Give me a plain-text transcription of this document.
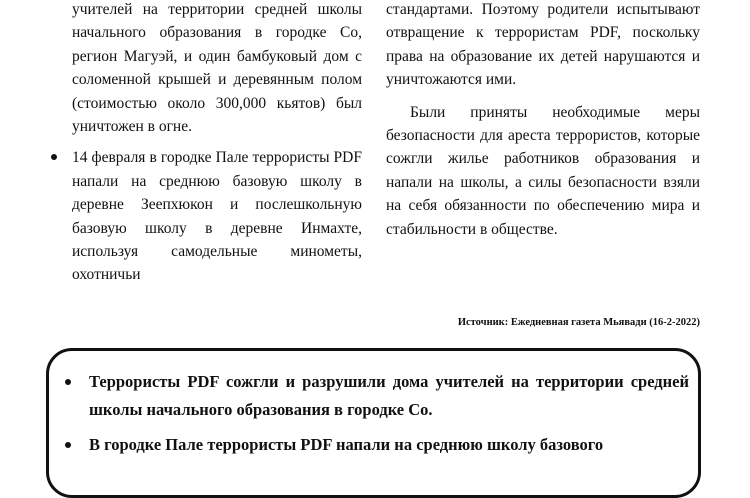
учителей на территории средней школы начального образования в городке Со, регион Магуэй, и один бамбуковый дом с соломенной крышей и деревянным полом (стоимостью около 300,000 кьятов) был уничтожен в огне.

14 февраля в городке Пале террористы PDF напали на среднюю базовую школу в деревне Зеепхюкон и послешкольную базовую школу в деревне Инмахте, используя самодельные минометы, охотничьи

стандартами. Поэтому родители испытывают отвращение к террористам PDF, поскольку права на образование их детей нарушаются и уничтожаются ими.

Были приняты необходимые меры безопасности для ареста террористов, которые сожгли жилье работников образования и напали на школы, а силы безопасности взяли на себя обязанности по обеспечению мира и стабильности в обществе.

Источник: Ежедневная газета Мьявади (16-2-2022)
Террористы PDF сожгли и разрушили дома учителей на территории средней школы начального образования в городке Со.
В городке Пале террористы PDF напали на среднюю школу базового
